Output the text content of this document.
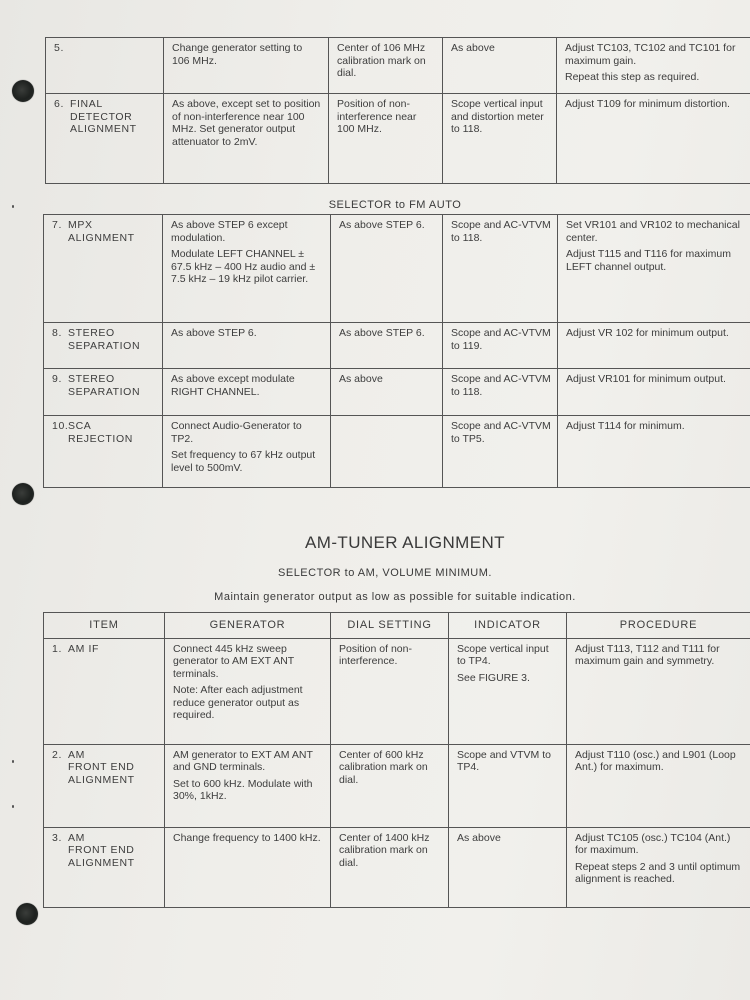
5.	Change generator setting to 106 MHz.	Center of 106 MHz calibration mark on dial.	As above	Adjust TC103, TC102 and TC101 for maximum gain.
Repeat this step as required.

6. FINAL
DETECTOR
ALIGNMENT	As above, except set to position of non-interference near 100 MHz. Set generator output attenuator to 2mV.	Position of non-interference near 100 MHz.	Scope vertical input and distortion meter to 118.	Adjust T109 for minimum distortion.
SELECTOR to FM AUTO
7. MPX
ALIGNMENT	As above STEP 6 except modulation.
Modulate LEFT CHANNEL ± 67.5 kHz – 400 Hz audio and ± 7.5 kHz – 19 kHz pilot carrier.	As above STEP 6.	Scope and AC-VTVM to 118.	Set VR101 and VR102 to mechanical center.
Adjust T115 and T116 for maximum LEFT channel output.

8. STEREO
SEPARATION	As above STEP 6.	As above STEP 6.	Scope and AC-VTVM to 119.	Adjust VR 102 for minimum output.

9. STEREO
SEPARATION	As above except modulate RIGHT CHANNEL.	As above	Scope and AC-VTVM to 118.	Adjust VR101 for minimum output.

10. SCA
REJECTION	Connect Audio-Generator to TP2.
Set frequency to 67 kHz output level to 500mV.		Scope and AC-VTVM to TP5.	Adjust T114 for minimum.
AM-TUNER ALIGNMENT
SELECTOR to AM, VOLUME MINIMUM.
Maintain generator output as low as possible for suitable indication.
ITEM	GENERATOR	DIAL SETTING	INDICATOR	PROCEDURE
1. AM IF	Connect 445 kHz sweep generator to AM EXT ANT terminals.
Note: After each adjustment reduce generator output as required.	Position of non-interference.	Scope vertical input to TP4.
See FIGURE 3.	Adjust T113, T112 and T111 for maximum gain and symmetry.

2. AM
FRONT END
ALIGNMENT	AM generator to EXT AM ANT and GND terminals.
Set to 600 kHz. Modulate with 30%, 1kHz.	Center of 600 kHz calibration mark on dial.	Scope and VTVM to TP4.	Adjust T110 (osc.) and L901 (Loop Ant.) for maximum.

3. AM
FRONT END
ALIGNMENT	Change frequency to 1400 kHz.	Center of 1400 kHz calibration mark on dial.	As above	Adjust TC105 (osc.) TC104 (Ant.) for maximum.
Repeat steps 2 and 3 until optimum alignment is reached.
